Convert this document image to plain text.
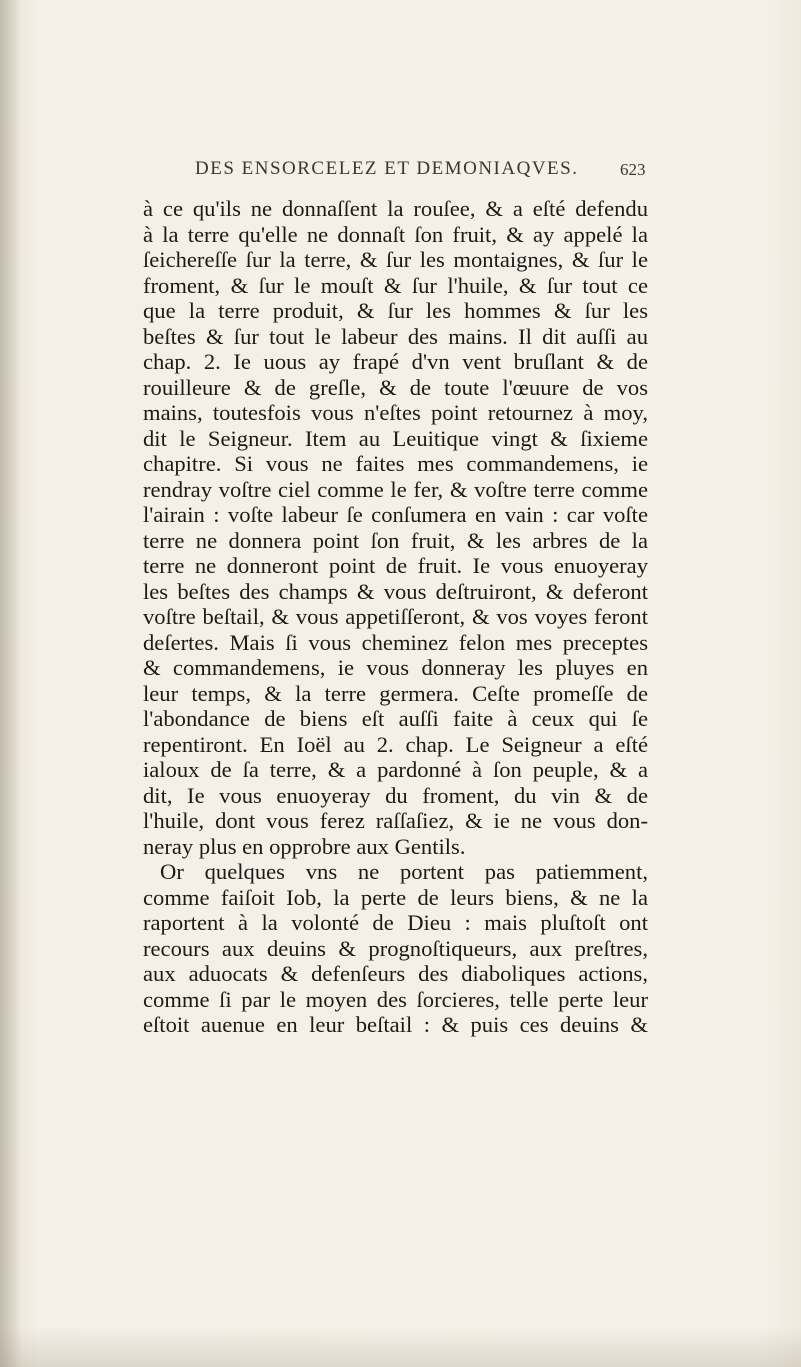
DES ENSORCELEZ ET DEMONIAQVES.	623
à ce qu'ils ne donnaſſent la rouſee, & a eſté defendu
à la terre qu'elle ne donnaſt ſon fruit, & ay appelé la
ſeichereſſe ſur la terre, & ſur les montaignes, & ſur le
froment, & ſur le mouſt & ſur l'huile, & ſur tout ce
que la terre produit, & ſur les hommes & ſur les
beſtes & ſur tout le labeur des mains. Il dit auſſi au
chap. 2. Ie uous ay frapé d'vn vent bruſlant & de
rouilleure & de greſle, & de toute l'œuure de vos
mains, toutesfois vous n'eſtes point retournez à moy,
dit le Seigneur. Item au Leuitique vingt & ſixieme
chapitre. Si vous ne faites mes commandemens, ie
rendray voſtre ciel comme le fer, & voſtre terre comme
l'airain : voſte labeur ſe conſumera en vain : car voſte
terre ne donnera point ſon fruit, & les arbres de la
terre ne donneront point de fruit. Ie vous enuoyeray
les beſtes des champs & vous deſtruiront, & deferont
voſtre beſtail, & vous appetiſſeront, & vos voyes feront
deſertes. Mais ſi vous cheminez felon mes preceptes
& commandemens, ie vous donneray les pluyes en
leur temps, & la terre germera. Ceſte promeſſe de
l'abondance de biens eſt auſſi faite à ceux qui ſe
repentiront. En Ioël au 2. chap. Le Seigneur a eſté
ialoux de ſa terre, & a pardonné à ſon peuple, & a
dit, Ie vous enuoyeray du froment, du vin & de
l'huile, dont vous ferez raſſaſiez, & ie ne vous don-
neray plus en opprobre aux Gentils.
Or quelques vns ne portent pas patiemment,
comme faiſoit Iob, la perte de leurs biens, & ne la
raportent à la volonté de Dieu : mais pluſtoſt ont
recours aux deuins & prognoſtiqueurs, aux preſtres,
aux aduocats & defenſeurs des diaboliques actions,
comme ſi par le moyen des ſorcieres, telle perte leur
eſtoit auenue en leur beſtail : & puis ces deuins &
